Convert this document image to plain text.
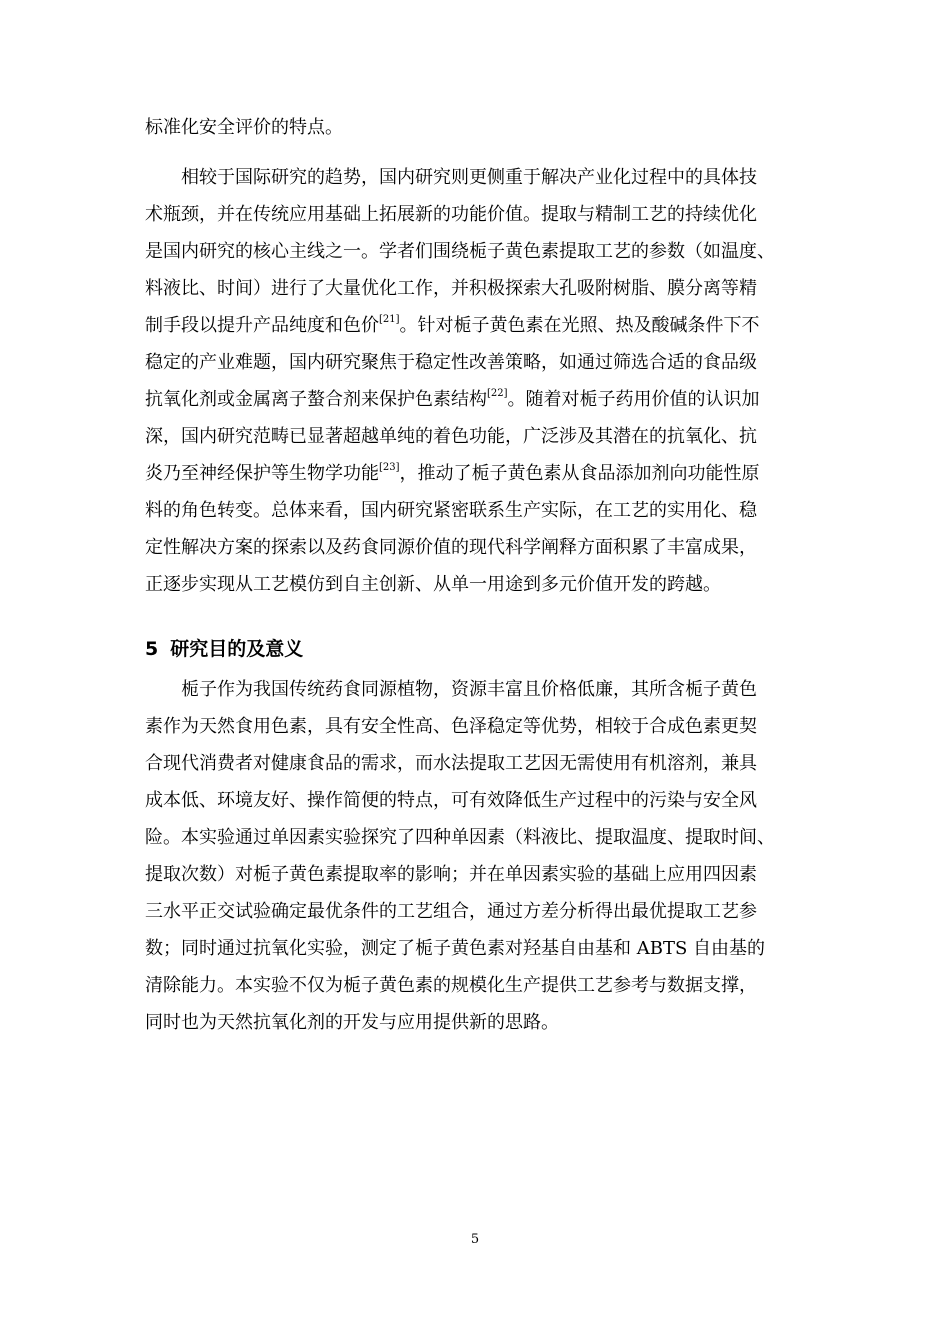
标准化安全评价的特点。
相较于国际研究的趋势，国内研究则更侧重于解决产业化过程中的具体技
术瓶颈，并在传统应用基础上拓展新的功能价值。提取与精制工艺的持续优化
是国内研究的核心主线之一。学者们围绕栀子黄色素提取工艺的参数（如温度、
料液比、时间）进行了大量优化工作，并积极探索大孔吸附树脂、膜分离等精
制手段以提升产品纯度和色价[21]。针对栀子黄色素在光照、热及酸碱条件下不
稳定的产业难题，国内研究聚焦于稳定性改善策略，如通过筛选合适的食品级
抗氧化剂或金属离子螯合剂来保护色素结构[22]。随着对栀子药用价值的认识加
深，国内研究范畴已显著超越单纯的着色功能，广泛涉及其潜在的抗氧化、抗
炎乃至神经保护等生物学功能[23]，推动了栀子黄色素从食品添加剂向功能性原
料的角色转变。总体来看，国内研究紧密联系生产实际，在工艺的实用化、稳
定性解决方案的探索以及药食同源价值的现代科学阐释方面积累了丰富成果，
正逐步实现从工艺模仿到自主创新、从单一用途到多元价值开发的跨越。
5 研究目的及意义
栀子作为我国传统药食同源植物，资源丰富且价格低廉，其所含栀子黄色
素作为天然食用色素，具有安全性高、色泽稳定等优势，相较于合成色素更契
合现代消费者对健康食品的需求，而水法提取工艺因无需使用有机溶剂，兼具
成本低、环境友好、操作简便的特点，可有效降低生产过程中的污染与安全风
险。本实验通过单因素实验探究了四种单因素（料液比、提取温度、提取时间、
提取次数）对栀子黄色素提取率的影响；并在单因素实验的基础上应用四因素
三水平正交试验确定最优条件的工艺组合，通过方差分析得出最优提取工艺参
数；同时通过抗氧化实验，测定了栀子黄色素对羟基自由基和 ABTS 自由基的
清除能力。本实验不仅为栀子黄色素的规模化生产提供工艺参考与数据支撑，
同时也为天然抗氧化剂的开发与应用提供新的思路。
5
